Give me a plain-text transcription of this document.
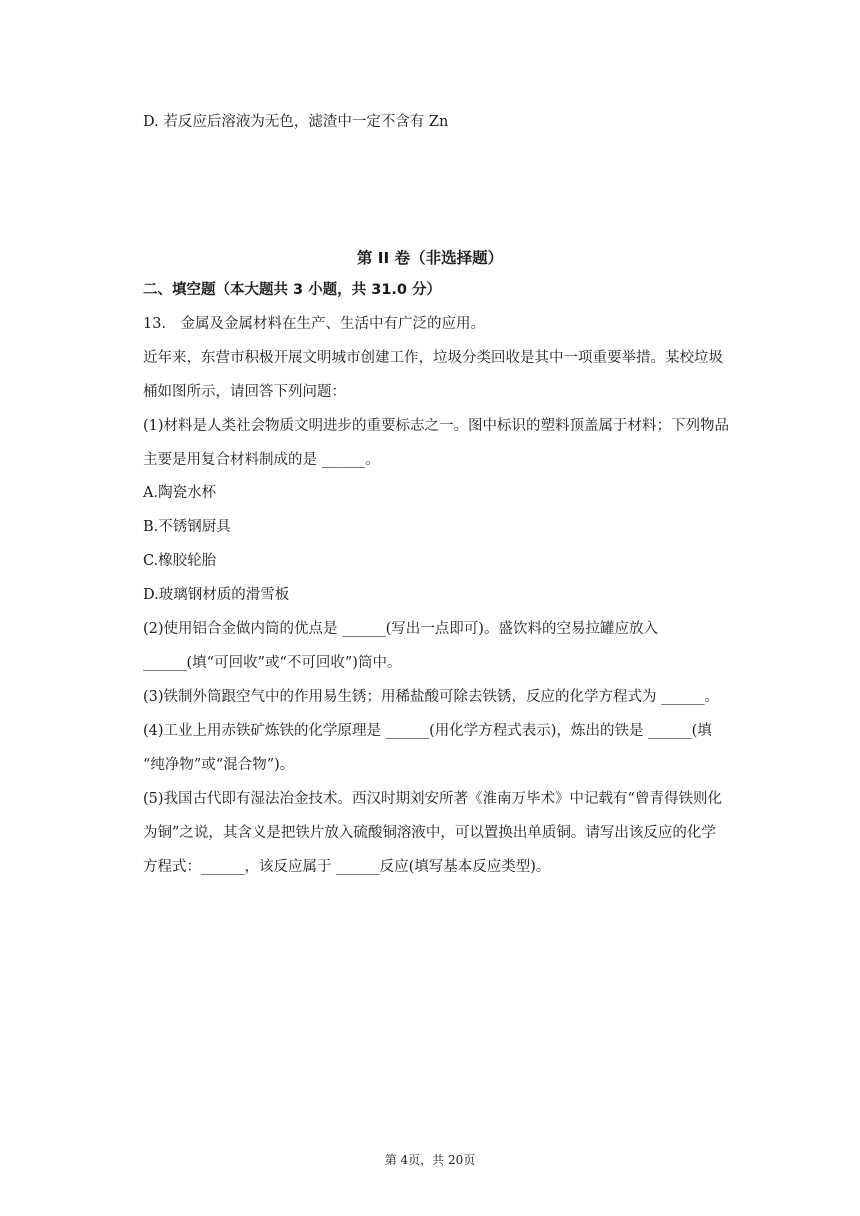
D. 若反应后溶液为无色，滤渣中一定不含有 Zn
第 II 卷（非选择题）
二、填空题（本大题共 3 小题，共 31.0 分）
13.　金属及金属材料在生产、生活中有广泛的应用。
近年来，东营市积极开展文明城市创建工作，垃圾分类回收是其中一项重要举措。某校垃圾
桶如图所示，请回答下列问题：
(1)材料是人类社会物质文明进步的重要标志之一。图中标识的塑料顶盖属于材料；下列物品
主要是用复合材料制成的是 ______。
A.陶瓷水杯
B.不锈钢厨具
C.橡胶轮胎
D.玻璃钢材质的滑雪板
(2)使用铝合金做内筒的优点是 ______(写出一点即可)。盛饮料的空易拉罐应放入
______(填“可回收”或“不可回收”)筒中。
(3)铁制外筒跟空气中的作用易生锈；用稀盐酸可除去铁锈，反应的化学方程式为 ______。
(4)工业上用赤铁矿炼铁的化学原理是 ______(用化学方程式表示)，炼出的铁是 ______(填
“纯净物”或“混合物”)。
(5)我国古代即有湿法冶金技术。西汉时期刘安所著《淮南万毕术》中记载有“曾青得铁则化
为铜”之说，其含义是把铁片放入硫酸铜溶液中，可以置换出单质铜。请写出该反应的化学
方程式：______，该反应属于 ______反应(填写基本反应类型)。
第 4页，共 20页
